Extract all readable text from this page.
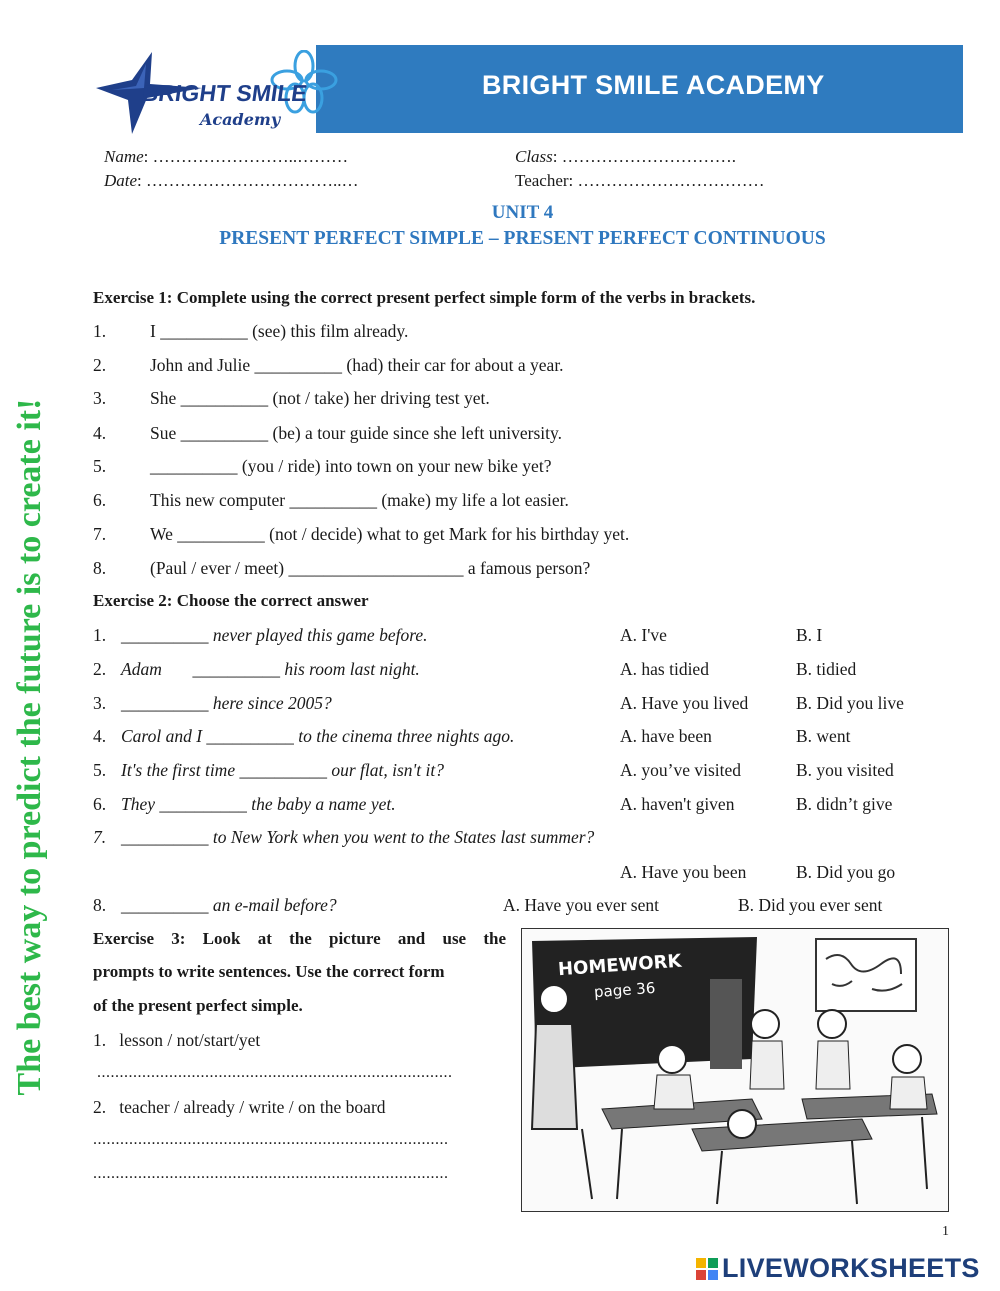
BRIGHT SMILE ACADEMY
BRIGHT SMILE
Academy
Name: ……………………..………	Class: ………………………….
Date: ……………………………..…	Teacher: ……………………………
UNIT 4
PRESENT PERFECT SIMPLE – PRESENT PERFECT CONTINUOUS
The best way to predict the future is to create it!
Exercise 1: Complete using the correct present perfect simple form of the verbs in brackets.
1.	I __________ (see) this film already.
2.	John and Julie __________ (had) their car for about a year.
3.	She __________ (not / take) her driving test yet.
4.	Sue __________ (be) a tour guide since she left university.
5.	__________ (you / ride) into town on your new bike yet?
6.	This new computer __________ (make) my life a lot easier.
7.	We __________ (not / decide) what to get Mark for his birthday yet.
8.	(Paul / ever / meet) ____________________ a famous person?
Exercise 2: Choose the correct answer
1. __________ never played this game before.	A. I've	B. I
2. Adam       __________ his room last night.	A. has tidied	B. tidied
3. __________ here since 2005?	A. Have you lived	B. Did you live
4. Carol and I __________ to the cinema three nights ago.	A. have been	B. went
5. It's the first time __________ our flat, isn't it?	A. you’ve visited	B. you visited
6. They __________ the baby a name yet.	A. haven't given	B. didn’t give
7. __________ to New York when you went to the States last summer?
A. Have you been	B. Did you go
8. __________ an e-mail before?	A. Have you ever sent	B. Did you ever sent
Exercise 3: Look at the picture and use the
prompts to write sentences. Use the correct form
of the present perfect simple.
1.   lesson / not/start/yet
...............................................................................
2.   teacher / already / write / on the board
...............................................................................
...............................................................................
HOMEWORK
page 36
1
LIVEWORKSHEETS
